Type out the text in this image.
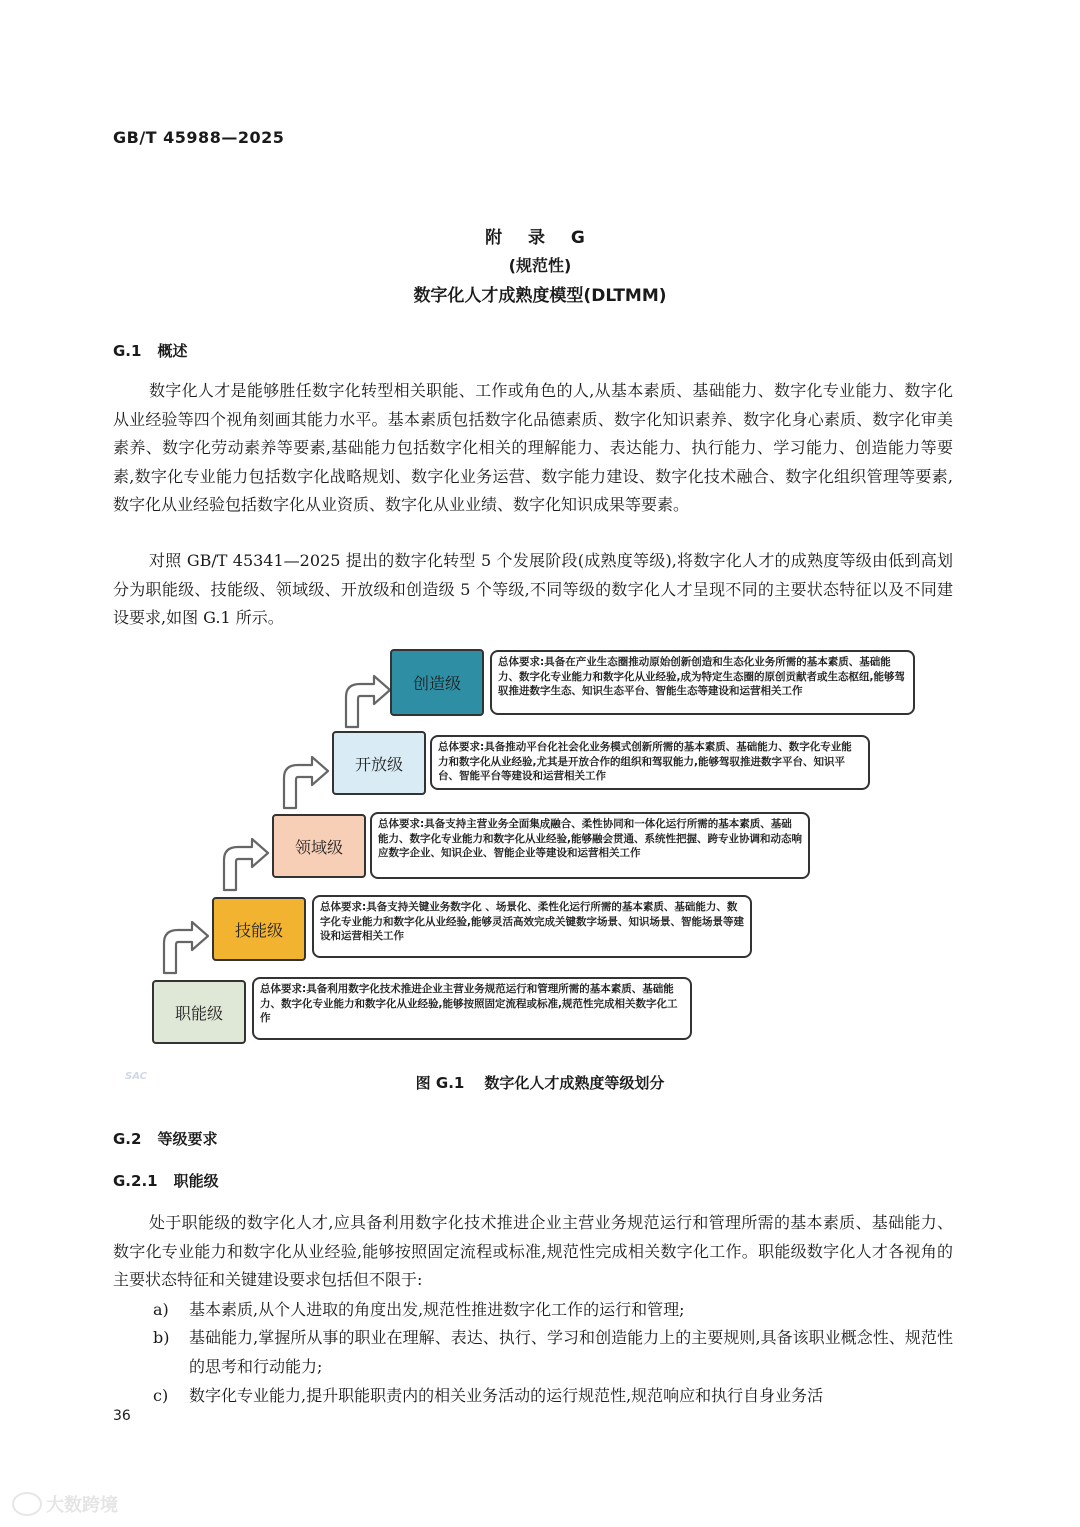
GB/T 45988—2025
附 录 G
(规范性)
数字化人才成熟度模型(DLTMM)
G.1 概述
数字化人才是能够胜任数字化转型相关职能、工作或角色的人,从基本素质、基础能力、数字化专业能力、数字化从业经验等四个视角刻画其能力水平。基本素质包括数字化品德素质、数字化知识素养、数字化身心素质、数字化审美素养、数字化劳动素养等要素,基础能力包括数字化相关的理解能力、表达能力、执行能力、学习能力、创造能力等要素,数字化专业能力包括数字化战略规划、数字化业务运营、数字能力建设、数字化技术融合、数字化组织管理等要素,数字化从业经验包括数字化从业资质、数字化从业业绩、数字化知识成果等要素。
对照 GB/T 45341—2025 提出的数字化转型 5 个发展阶段(成熟度等级),将数字化人才的成熟度等级由低到高划分为职能级、技能级、领域级、开放级和创造级 5 个等级,不同等级的数字化人才呈现不同的主要状态特征以及不同建设要求,如图 G.1 所示。
职能级
总体要求:具备利用数字化技术推进企业主营业务规范运行和管理所需的基本素质、基础能力、数字化专业能力和数字化从业经验,能够按照固定流程或标准,规范性完成相关数字化工作
技能级
总体要求:具备支持关键业务数字化 、场景化、柔性化运行所需的基本素质、基础能力、数字化专业能力和数字化从业经验,能够灵活高效完成关键数字场景、知识场景、智能场景等建设和运营相关工作
领域级
总体要求:具备支持主营业务全面集成融合、柔性协同和一体化运行所需的基本素质、基础能力、数字化专业能力和数字化从业经验,能够融会贯通、系统性把握、跨专业协调和动态响应数字企业、知识企业、智能企业等建设和运营相关工作
开放级
总体要求:具备推动平台化社会化业务模式创新所需的基本素质、基础能力、数字化专业能力和数字化从业经验,尤其是开放合作的组织和驾驭能力,能够驾驭推进数字平台、知识平台、智能平台等建设和运营相关工作
创造级
总体要求:具备在产业生态圈推动原始创新创造和生态化业务所需的基本素质、基础能力、数字化专业能力和数字化从业经验,成为特定生态圈的原创贡献者或生态枢纽,能够驾驭推进数字生态、知识生态平台、智能生态等建设和运营相关工作
SAC	图 G.1 数字化人才成熟度等级划分
G.2 等级要求
G.2.1 职能级
处于职能级的数字化人才,应具备利用数字化技术推进企业主营业务规范运行和管理所需的基本素质、基础能力、数字化专业能力和数字化从业经验,能够按照固定流程或标准,规范性完成相关数字化工作。职能级数字化人才各视角的主要状态特征和关键建设要求包括但不限于:
a) 基本素质,从个人进取的角度出发,规范性推进数字化工作的运行和管理;
b) 基础能力,掌握所从事的职业在理解、表达、执行、学习和创造能力上的主要规则,具备该职业概念性、规范性的思考和行动能力;
c) 数字化专业能力,提升职能职责内的相关业务活动的运行规范性,规范响应和执行自身业务活
36
大数跨境
